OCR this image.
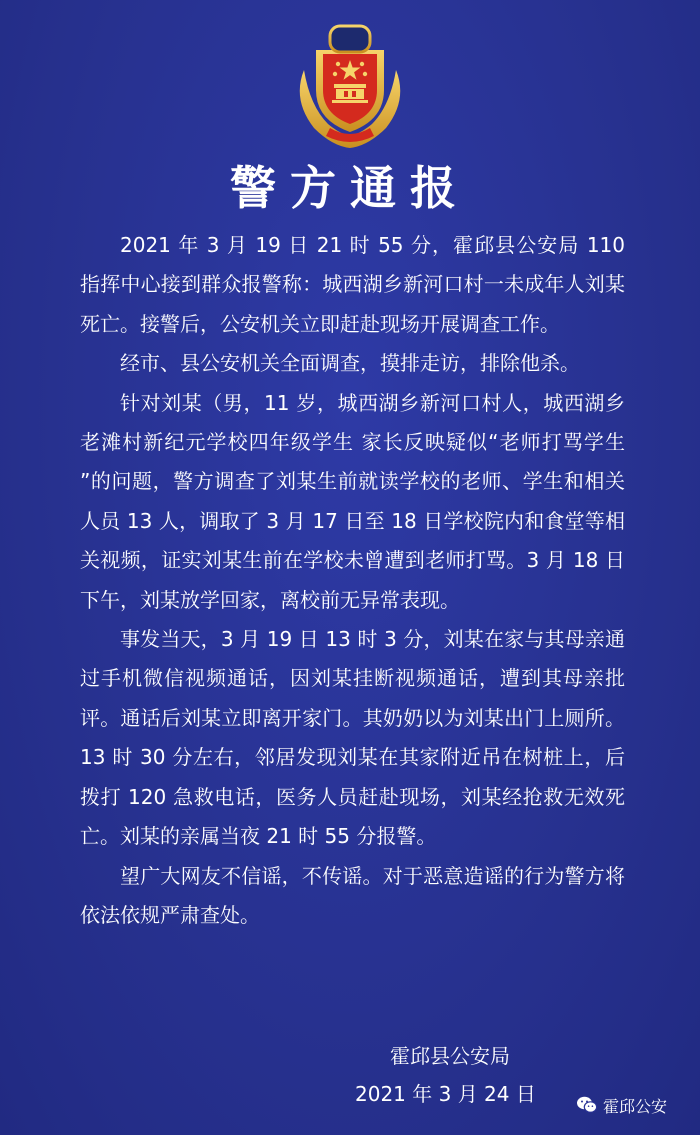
警方通报

2021 年 3 月 19 日 21 时 55 分，霍邱县公安局 110 指挥中心接到群众报警称：城西湖乡新河口村一未成年人刘某死亡。接警后，公安机关立即赶赴现场开展调查工作。

经市、县公安机关全面调查，摸排走访，排除他杀。

针对刘某（男，11 岁，城西湖乡新河口村人，城西湖乡老滩村新纪元学校四年级学生 家长反映疑似“老师打骂学生 ”的问题，警方调查了刘某生前就读学校的老师、学生和相关人员 13 人，调取了 3 月 17 日至 18 日学校院内和食堂等相关视频，证实刘某生前在学校未曾遭到老师打骂。3 月 18 日下午，刘某放学回家，离校前无异常表现。

事发当天，3 月 19 日 13 时 3 分，刘某在家与其母亲通过手机微信视频通话，因刘某挂断视频通话，遭到其母亲批评。通话后刘某立即离开家门。其奶奶以为刘某出门上厕所。13 时 30 分左右，邻居发现刘某在其家附近吊在树桩上，后拨打 120 急救电话，医务人员赶赴现场，刘某经抢救无效死亡。刘某的亲属当夜 21 时 55 分报警。

望广大网友不信谣，不传谣。对于恶意造谣的行为警方将依法依规严肃查处。

霍邱县公安局
2021 年 3 月 24 日	霍邱公安
